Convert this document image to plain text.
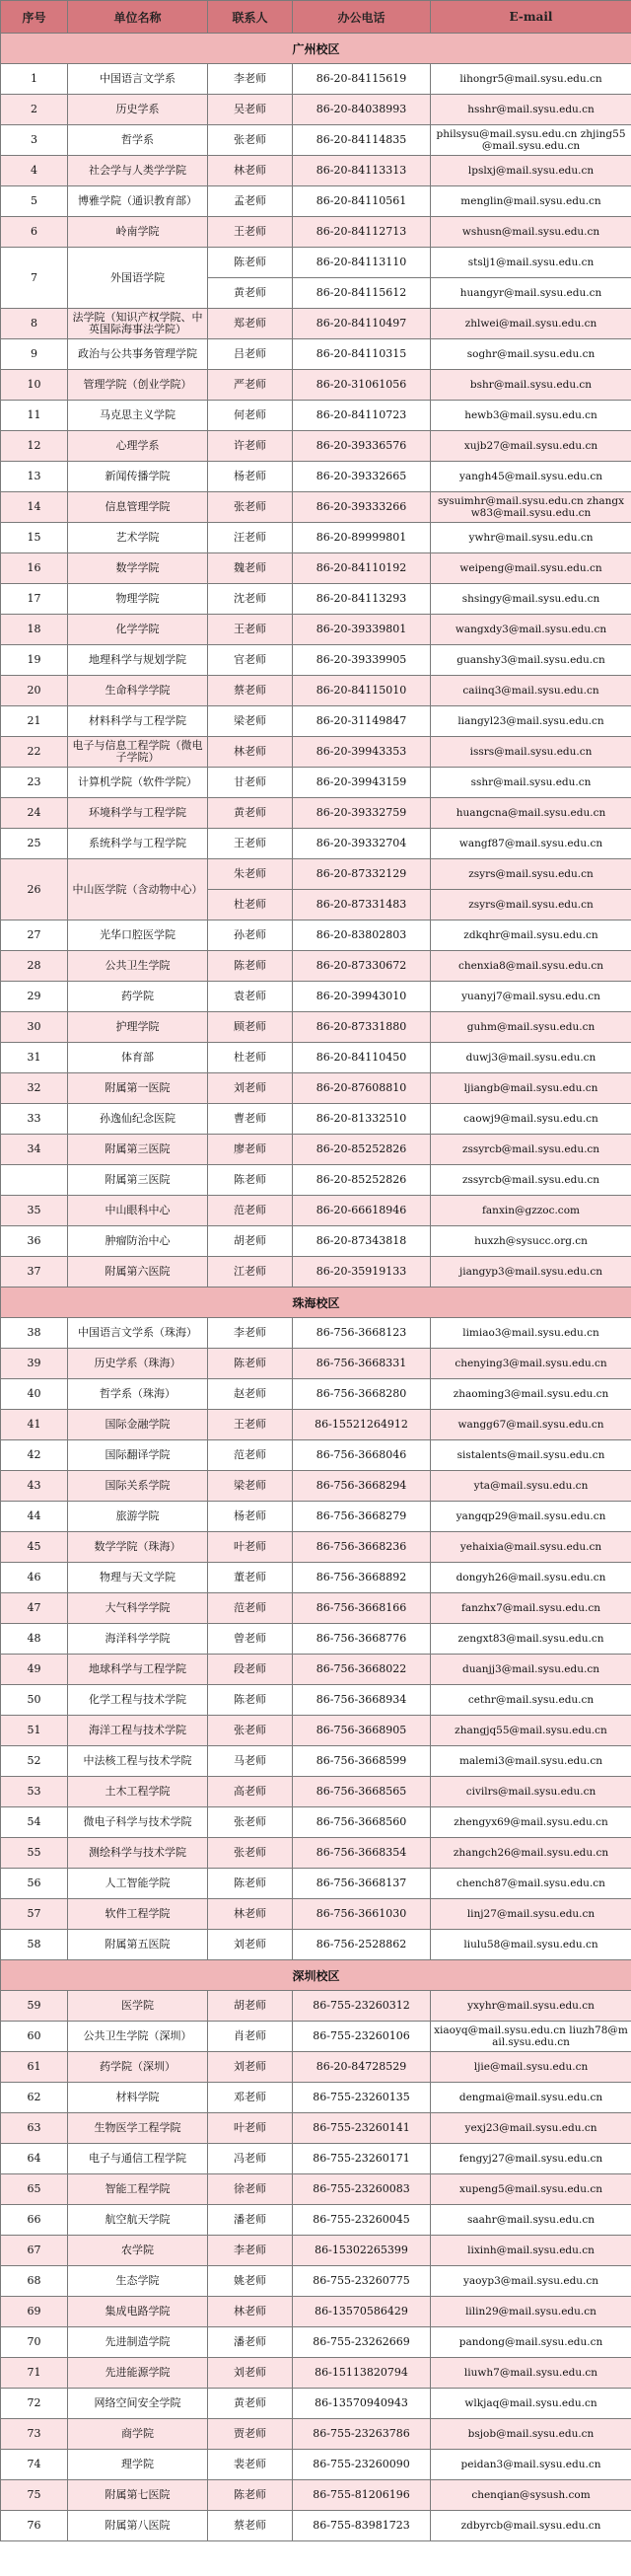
序号	单位名称	联系人	办公电话	E-mail
广州校区				
1	中国语言文学系	李老师	86-20-84115619	lihongr5@mail.sysu.edu.cn
2	历史学系	吴老师	86-20-84038993	hsshr@mail.sysu.edu.cn
3	哲学系	张老师	86-20-84114835	philsysu@mail.sysu.edu.cn zhjing55@mail.sysu.edu.cn
4	社会学与人类学学院	林老师	86-20-84113313	lpslxj@mail.sysu.edu.cn
5	博雅学院（通识教育部）	孟老师	86-20-84110561	menglin@mail.sysu.edu.cn
6	岭南学院	王老师	86-20-84112713	wshusn@mail.sysu.edu.cn
7	外国语学院	陈老师	86-20-84113110	stslj1@mail.sysu.edu.cn
		黄老师	86-20-84115612	huangyr@mail.sysu.edu.cn
8	法学院（知识产权学院、中英国际海事法学院）	郑老师	86-20-84110497	zhlwei@mail.sysu.edu.cn
9	政治与公共事务管理学院	吕老师	86-20-84110315	soghr@mail.sysu.edu.cn
10	管理学院（创业学院）	严老师	86-20-31061056	bshr@mail.sysu.edu.cn
11	马克思主义学院	何老师	86-20-84110723	hewb3@mail.sysu.edu.cn
12	心理学系	许老师	86-20-39336576	xujb27@mail.sysu.edu.cn
13	新闻传播学院	杨老师	86-20-39332665	yangh45@mail.sysu.edu.cn
14	信息管理学院	张老师	86-20-39333266	sysuimhr@mail.sysu.edu.cn zhangxw83@mail.sysu.edu.cn
15	艺术学院	汪老师	86-20-89999801	ywhr@mail.sysu.edu.cn
16	数学学院	魏老师	86-20-84110192	weipeng@mail.sysu.edu.cn
17	物理学院	沈老师	86-20-84113293	shsingy@mail.sysu.edu.cn
18	化学学院	王老师	86-20-39339801	wangxdy3@mail.sysu.edu.cn
19	地理科学与规划学院	官老师	86-20-39339905	guanshy3@mail.sysu.edu.cn
20	生命科学学院	蔡老师	86-20-84115010	caiinq3@mail.sysu.edu.cn
21	材料科学与工程学院	梁老师	86-20-31149847	liangyl23@mail.sysu.edu.cn
22	电子与信息工程学院（微电子学院）	林老师	86-20-39943353	issrs@mail.sysu.edu.cn
23	计算机学院（软件学院）	甘老师	86-20-39943159	sshr@mail.sysu.edu.cn
24	环境科学与工程学院	黄老师	86-20-39332759	huangcna@mail.sysu.edu.cn
25	系统科学与工程学院	王老师	86-20-39332704	wangf87@mail.sysu.edu.cn
26	中山医学院（含动物中心）	朱老师	86-20-87332129	zsyrs@mail.sysu.edu.cn
		杜老师	86-20-87331483	zsyrs@mail.sysu.edu.cn
27	光华口腔医学院	孙老师	86-20-83802803	zdkqhr@mail.sysu.edu.cn
28	公共卫生学院	陈老师	86-20-87330672	chenxia8@mail.sysu.edu.cn
29	药学院	袁老师	86-20-39943010	yuanyj7@mail.sysu.edu.cn
30	护理学院	顾老师	86-20-87331880	guhm@mail.sysu.edu.cn
31	体育部	杜老师	86-20-84110450	duwj3@mail.sysu.edu.cn
32	附属第一医院	刘老师	86-20-87608810	ljiangb@mail.sysu.edu.cn
33	孙逸仙纪念医院	曹老师	86-20-81332510	caowj9@mail.sysu.edu.cn
34	附属第三医院	廖老师	86-20-85252826	zssyrcb@mail.sysu.edu.cn
	附属第三医院	陈老师	86-20-85252826	zssyrcb@mail.sysu.edu.cn
35	中山眼科中心	范老师	86-20-66618946	fanxin@gzzoc.com
36	肿瘤防治中心	胡老师	86-20-87343818	huxzh@sysucc.org.cn
37	附属第六医院	江老师	86-20-35919133	jiangyp3@mail.sysu.edu.cn
珠海校区				
38	中国语言文学系（珠海）	李老师	86-756-3668123	limiao3@mail.sysu.edu.cn
39	历史学系（珠海）	陈老师	86-756-3668331	chenying3@mail.sysu.edu.cn
40	哲学系（珠海）	赵老师	86-756-3668280	zhaoming3@mail.sysu.edu.cn
41	国际金融学院	王老师	86-15521264912	wangg67@mail.sysu.edu.cn
42	国际翻译学院	范老师	86-756-3668046	sistalents@mail.sysu.edu.cn
43	国际关系学院	梁老师	86-756-3668294	yta@mail.sysu.edu.cn
44	旅游学院	杨老师	86-756-3668279	yangqp29@mail.sysu.edu.cn
45	数学学院（珠海）	叶老师	86-756-3668236	yehaixia@mail.sysu.edu.cn
46	物理与天文学院	董老师	86-756-3668892	dongyh26@mail.sysu.edu.cn
47	大气科学学院	范老师	86-756-3668166	fanzhx7@mail.sysu.edu.cn
48	海洋科学学院	曾老师	86-756-3668776	zengxt83@mail.sysu.edu.cn
49	地球科学与工程学院	段老师	86-756-3668022	duanjj3@mail.sysu.edu.cn
50	化学工程与技术学院	陈老师	86-756-3668934	cethr@mail.sysu.edu.cn
51	海洋工程与技术学院	张老师	86-756-3668905	zhangjq55@mail.sysu.edu.cn
52	中法核工程与技术学院	马老师	86-756-3668599	malemi3@mail.sysu.edu.cn
53	土木工程学院	高老师	86-756-3668565	civilrs@mail.sysu.edu.cn
54	微电子科学与技术学院	张老师	86-756-3668560	zhengyx69@mail.sysu.edu.cn
55	测绘科学与技术学院	张老师	86-756-3668354	zhangch26@mail.sysu.edu.cn
56	人工智能学院	陈老师	86-756-3668137	chench87@mail.sysu.edu.cn
57	软件工程学院	林老师	86-756-3661030	linj27@mail.sysu.edu.cn
58	附属第五医院	刘老师	86-756-2528862	liulu58@mail.sysu.edu.cn
深圳校区				
59	医学院	胡老师	86-755-23260312	yxyhr@mail.sysu.edu.cn
60	公共卫生学院（深圳）	肖老师	86-755-23260106	xiaoyq@mail.sysu.edu.cn liuzh78@mail.sysu.edu.cn
61	药学院（深圳）	刘老师	86-20-84728529	ljie@mail.sysu.edu.cn
62	材料学院	邓老师	86-755-23260135	dengmai@mail.sysu.edu.cn
63	生物医学工程学院	叶老师	86-755-23260141	yexj23@mail.sysu.edu.cn
64	电子与通信工程学院	冯老师	86-755-23260171	fengyj27@mail.sysu.edu.cn
65	智能工程学院	徐老师	86-755-23260083	xupeng5@mail.sysu.edu.cn
66	航空航天学院	潘老师	86-755-23260045	saahr@mail.sysu.edu.cn
67	农学院	李老师	86-15302265399	lixinh@mail.sysu.edu.cn
68	生态学院	姚老师	86-755-23260775	yaoyp3@mail.sysu.edu.cn
69	集成电路学院	林老师	86-13570586429	lilin29@mail.sysu.edu.cn
70	先进制造学院	潘老师	86-755-23262669	pandong@mail.sysu.edu.cn
71	先进能源学院	刘老师	86-15113820794	liuwh7@mail.sysu.edu.cn
72	网络空间安全学院	黄老师	86-13570940943	wlkjaq@mail.sysu.edu.cn
73	商学院	贾老师	86-755-23263786	bsjob@mail.sysu.edu.cn
74	理学院	裴老师	86-755-23260090	peidan3@mail.sysu.edu.cn
75	附属第七医院	陈老师	86-755-81206196	chenqian@sysush.com
76	附属第八医院	蔡老师	86-755-83981723	zdbyrcb@mail.sysu.edu.cn
